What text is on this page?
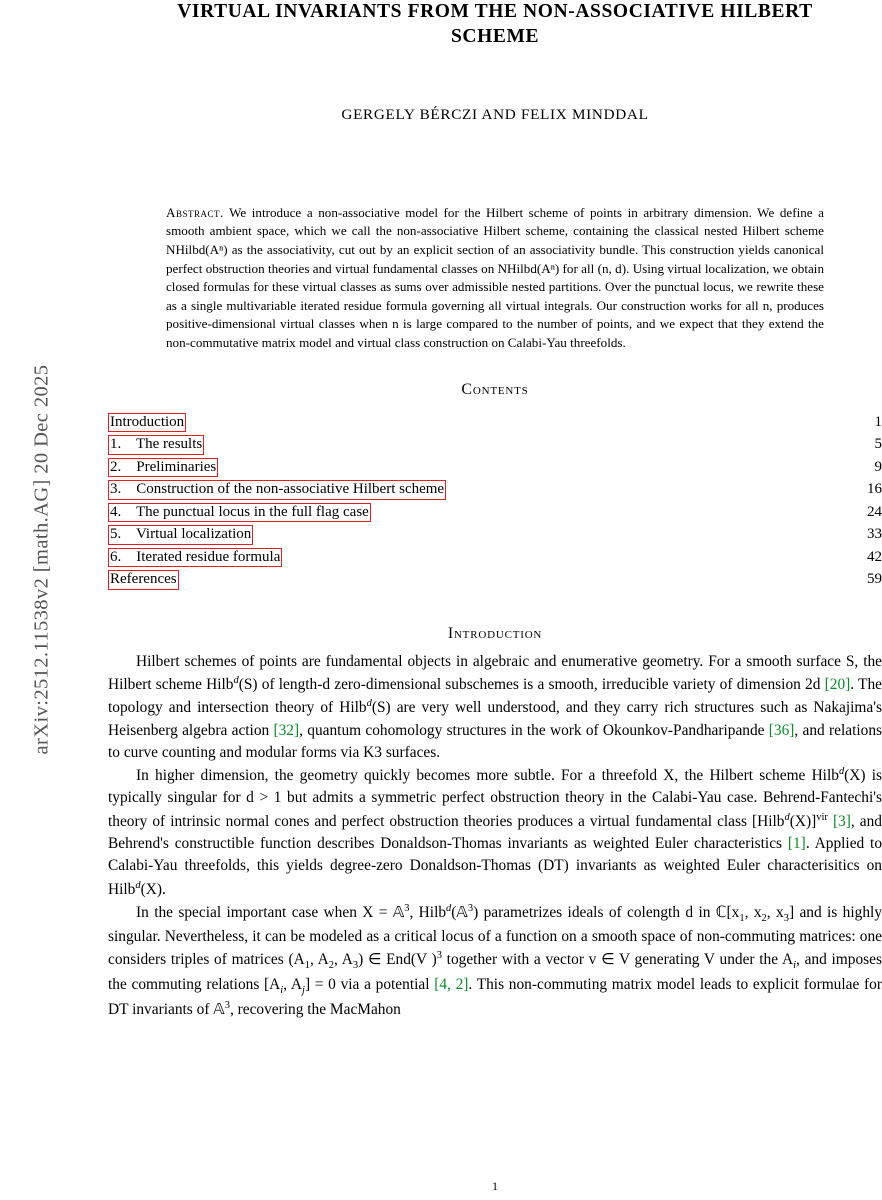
arXiv:2512.11538v2 [math.AG] 20 Dec 2025
VIRTUAL INVARIANTS FROM THE NON-ASSOCIATIVE HILBERT
SCHEME
GERGELY BÉRCZI AND FELIX MINDDAL
Abstract. We introduce a non-associative model for the Hilbert scheme of points in arbitrary dimension. We define a smooth ambient space, which we call the non-associative Hilbert scheme, containing the classical nested Hilbert scheme NHilbd(Aⁿ) as the associativity, cut out by an explicit section of an associativity bundle. This construction yields canonical perfect obstruction theories and virtual fundamental classes on NHilbd(Aⁿ) for all (n, d). Using virtual localization, we obtain closed formulas for these virtual classes as sums over admissible nested partitions. Over the punctual locus, we rewrite these as a single multivariable iterated residue formula governing all virtual integrals. Our construction works for all n, produces positive-dimensional virtual classes when n is large compared to the number of points, and we expect that they extend the non-commutative matrix model and virtual class construction on Calabi-Yau threefolds.
Contents
Introduction	1
1.    The results	5
2.    Preliminaries	9
3.    Construction of the non-associative Hilbert scheme	16
4.    The punctual locus in the full flag case	24
5.    Virtual localization	33
6.    Iterated residue formula	42
References	59
Introduction

Hilbert schemes of points are fundamental objects in algebraic and enumerative geometry. For a smooth surface S, the Hilbert scheme Hilb$^d$(S) of length-d zero-dimensional subschemes is a smooth, irreducible variety of dimension 2d [20]. The topology and intersection theory of Hilb$^d$(S) are very well understood, and they carry rich structures such as Nakajima's Heisenberg algebra action [32], quantum cohomology structures in the work of Okounkov-Pandharipande [36], and relations to curve counting and modular forms via K3 surfaces.

In higher dimension, the geometry quickly becomes more subtle. For a threefold X, the Hilbert scheme Hilb$^d$(X) is typically singular for d > 1 but admits a symmetric perfect obstruction theory in the Calabi-Yau case. Behrend-Fantechi's theory of intrinsic normal cones and perfect obstruction theories produces a virtual fundamental class [Hilb$^d$(X)]$^{vir}$ [3], and Behrend's constructible function describes Donaldson-Thomas invariants as weighted Euler characteristics [1]. Applied to Calabi-Yau threefolds, this yields degree-zero Donaldson-Thomas (DT) invariants as weighted Euler characterisitics on Hilb$^d$(X).

In the special important case when X = 𝔸$^3$, Hilb$^d$(𝔸$^3$) parametrizes ideals of colength d in $ℂ[x_1$, $x_2$, $x_3$] and is highly singular. Nevertheless, it can be modeled as a critical locus of a function on a smooth space of non-commuting matrices: one considers triples of matrices ($A_1$, $A_2$, $A_3$) ∈ End(V )$^3$ together with a vector v ∈ V generating V under the $A_i$, and imposes the commuting relations [$A_i$, $A_j] = 0$ via a potential [4, 2]. This non-commuting matrix model leads to explicit formulae for DT invariants of 𝔸$^3$, recovering the MacMahon

1
